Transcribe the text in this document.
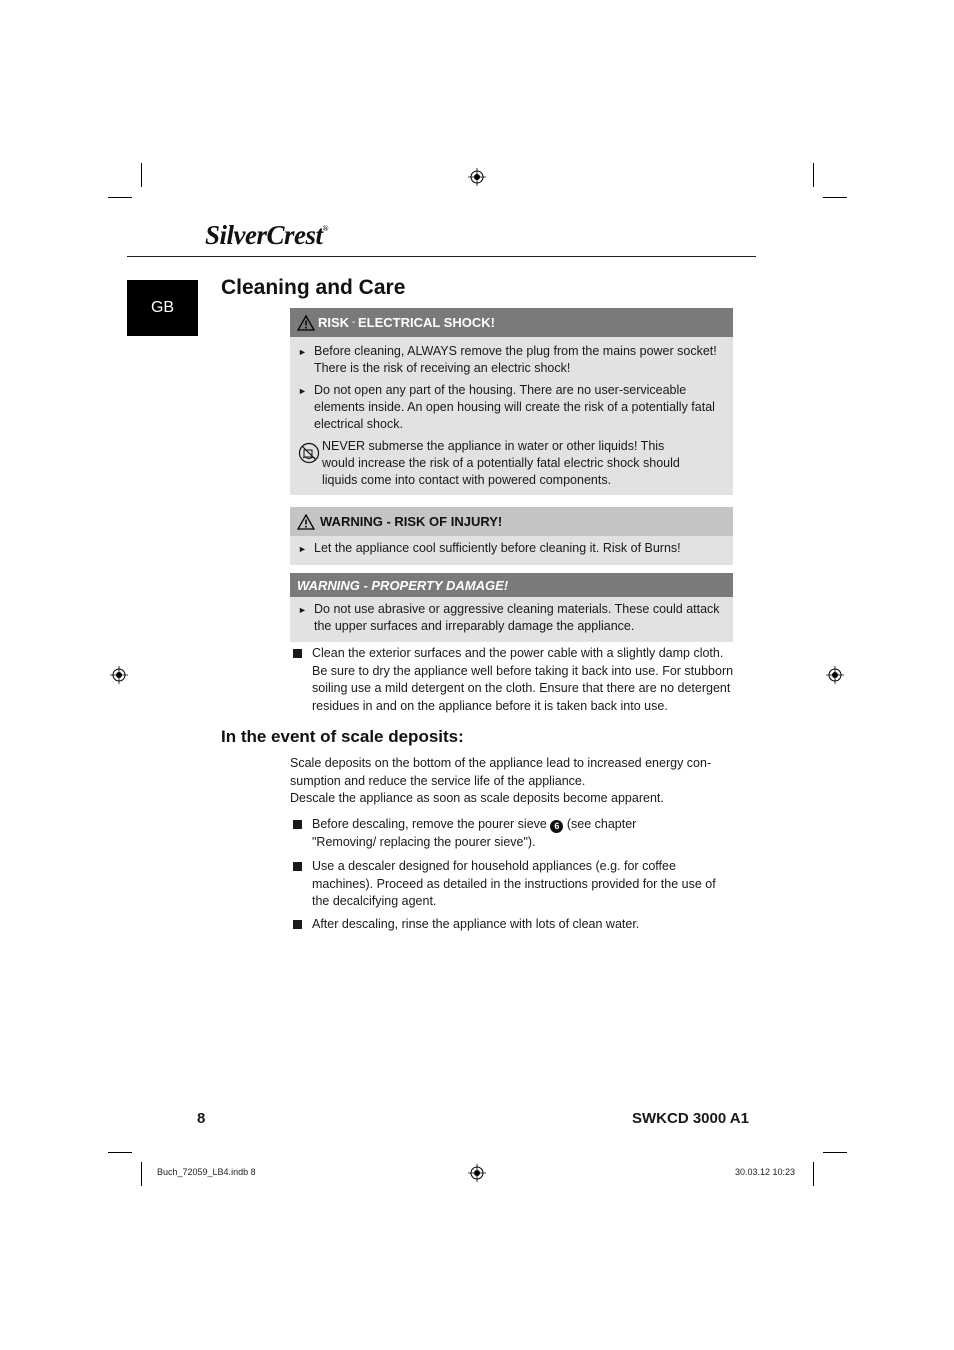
SilverCrest®
GB
Cleaning and Care
RISK - ELECTRICAL SHOCK!
► Before cleaning, ALWAYS remove the plug from the mains power socket! There is the risk of receiving an electric shock!
► Do not open any part of the housing. There are no user-serviceable elements inside. An open housing will create the risk of a potentially fatal electrical shock.
NEVER submerse the appliance in water or other liquids! This would increase the risk of a potentially fatal electric shock should liquids come into contact with powered components.
WARNING - RISK OF INJURY!
► Let the appliance cool sufficiently before cleaning it. Risk of Burns!
WARNING - PROPERTY DAMAGE!
► Do not use abrasive or aggressive cleaning materials. These could attack the upper surfaces and irreparably damage the appliance.
Clean the exterior surfaces and the power cable with a slightly damp cloth. Be sure to dry the appliance well before taking it back into use. For stubborn soiling use a mild detergent on the cloth. Ensure that there are no detergent residues in and on the appliance before it is taken back into use.
In the event of scale deposits:
Scale deposits on the bottom of the appliance lead to increased energy con- sumption and reduce the service life of the appliance.
Descale the appliance as soon as scale deposits become apparent.
Before descaling, remove the pourer sieve 6 (see chapter "Removing/ replacing the pourer sieve").
Use a descaler designed for household appliances (e.g. for coffee machines). Proceed as detailed in the instructions provided for the use of the decalcifying agent.
After descaling, rinse the appliance with lots of clean water.
8	SWKCD 3000 A1
Buch_72059_LB4.indb 8	30.03.12 10:23
